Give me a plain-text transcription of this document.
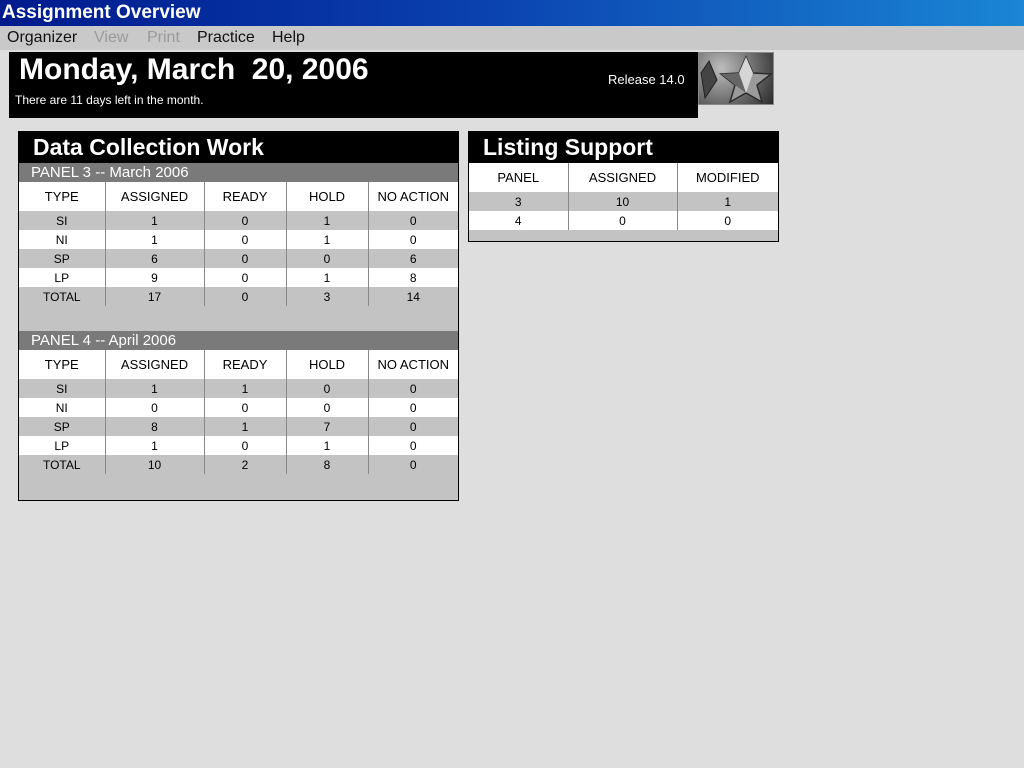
Assignment Overview
Organizer View Print Practice Help
Monday, March  20, 2006
There are 11 days left in the month.
Release 14.0
Data Collection Work
PANEL 3 -- March 2006
TYPE	ASSIGNED	READY	HOLD	NO ACTION
SI	1	0	1	0
NI	1	0	1	0
SP	6	0	0	6
LP	9	0	1	8
TOTAL	17	0	3	14
PANEL 4 -- April 2006
TYPE	ASSIGNED	READY	HOLD	NO ACTION
SI	1	1	0	0
NI	0	0	0	0
SP	8	1	7	0
LP	1	0	1	0
TOTAL	10	2	8	0
Listing Support
PANEL	ASSIGNED	MODIFIED
3	10	1
4	0	0
